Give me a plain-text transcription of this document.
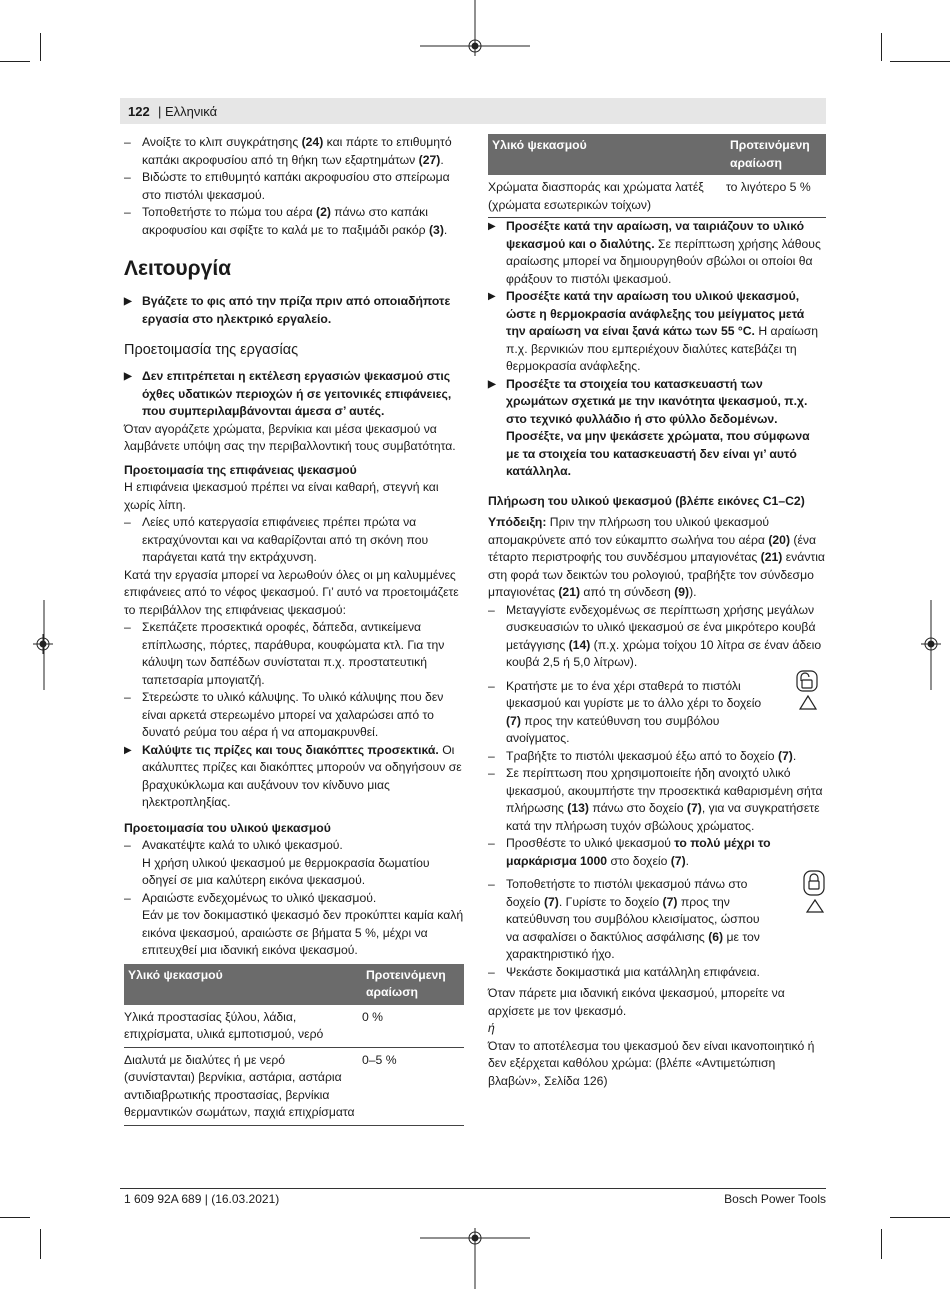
122 | Ελληνικά

– Ανοίξτε το κλιπ συγκράτησης (24) και πάρτε το επιθυμητό καπάκι ακροφυσίου από τη θήκη των εξαρτημάτων (27).

– Βιδώστε το επιθυμητό καπάκι ακροφυσίου στο σπείρωμα στο πιστόλι ψεκασμού.

– Τοποθετήστε το πώμα του αέρα (2) πάνω στο καπάκι ακροφυσίου και σφίξτε το καλά με το παξιμάδι ρακόρ (3).

Λειτουργία

▶ Βγάζετε το φις από την πρίζα πριν από οποιαδήποτε εργασία στο ηλεκτρικό εργαλείο.

Προετοιμασία της εργασίας

▶ Δεν επιτρέπεται η εκτέλεση εργασιών ψεκασμού στις όχθες υδατικών περιοχών ή σε γειτονικές επιφάνειες, που συμπεριλαμβάνονται άμεσα σ’ αυτές.

Όταν αγοράζετε χρώματα, βερνίκια και μέσα ψεκασμού να λαμβάνετε υπόψη σας την περιβαλλοντική τους συμβατότητα.

Προετοιμασία της επιφάνειας ψεκασμού

Η επιφάνεια ψεκασμού πρέπει να είναι καθαρή, στεγνή και χωρίς λίπη.

– Λείες υπό κατεργασία επιφάνειες πρέπει πρώτα να εκτραχύνονται και να καθαρίζονται από τη σκόνη που παράγεται κατά την εκτράχυνση.

Κατά την εργασία μπορεί να λερωθούν όλες οι μη καλυμμένες επιφάνειες από το νέφος ψεκασμού. Γι’ αυτό να προετοιμάζετε το περιβάλλον της επιφάνειας ψεκασμού:

– Σκεπάζετε προσεκτικά οροφές, δάπεδα, αντικείμενα επίπλωσης, πόρτες, παράθυρα, κουφώματα κτλ. Για την κάλυψη των δαπέδων συνίσταται π.χ. προστατευτική ταπετσαρία μπογιατζή.

– Στερεώστε το υλικό κάλυψης. Το υλικό κάλυψης που δεν είναι αρκετά στερεωμένο μπορεί να χαλαρώσει από το δυνατό ρεύμα του αέρα ή να απομακρυνθεί.

▶ Καλύψτε τις πρίζες και τους διακόπτες προσεκτικά. Οι ακάλυπτες πρίζες και διακόπτες μπορούν να οδηγήσουν σε βραχυκύκλωμα και αυξάνουν τον κίνδυνο μιας ηλεκτροπληξίας.

Προετοιμασία του υλικού ψεκασμού

– Ανακατέψτε καλά το υλικό ψεκασμού.

Η χρήση υλικού ψεκασμού με θερμοκρασία δωματίου οδηγεί σε μια καλύτερη εικόνα ψεκασμού.

– Αραιώστε ενδεχομένως το υλικό ψεκασμού.

Εάν με τον δοκιμαστικό ψεκασμό δεν προκύπτει καμία καλή εικόνα ψεκασμού, αραιώστε σε βήματα 5 %, μέχρι να επιτευχθεί μια ιδανική εικόνα ψεκασμού.

Υλικό ψεκασμού	Προτεινόμενη αραίωση
Υλικά προστασίας ξύλου, λάδια, επιχρίσματα, υλικά εμποτισμού, νερό	0 %
Διαλυτά με διαλύτες ή με νερό (συνίστανται) βερνίκια, αστάρια, αστάρια αντιδιαβρωτικής προστασίας, βερνίκια θερμαντικών σωμάτων, παχιά επιχρίσματα	0–5 %
Υλικό ψεκασμού	Προτεινόμενη αραίωση
Χρώματα διασποράς και χρώματα λατέξ (χρώματα εσωτερικών τοίχων)	το λιγότερο 5 %

▶ Προσέξτε κατά την αραίωση, να ταιριάζουν το υλικό ψεκασμού και ο διαλύτης. Σε περίπτωση χρήσης λάθους αραίωσης μπορεί να δημιουργηθούν σβώλοι οι οποίοι θα φράξουν το πιστόλι ψεκασμού.

▶ Προσέξτε κατά την αραίωση του υλικού ψεκασμού, ώστε η θερμοκρασία ανάφλεξης του μείγματος μετά την αραίωση να είναι ξανά κάτω των 55 °C. Η αραίωση π.χ. βερνικιών που εμπεριέχουν διαλύτες κατεβάζει τη θερμοκρασία ανάφλεξης.

▶ Προσέξτε τα στοιχεία του κατασκευαστή των χρωμάτων σχετικά με την ικανότητα ψεκασμού, π.χ. στο τεχνικό φυλλάδιο ή στο φύλλο δεδομένων. Προσέξτε, να μην ψεκάσετε χρώματα, που σύμφωνα με τα στοιχεία του κατασκευαστή δεν είναι γι’ αυτό κατάλληλα.

Πλήρωση του υλικού ψεκασμού (βλέπε εικόνες C1–C2)

Υπόδειξη: Πριν την πλήρωση του υλικού ψεκασμού απομακρύνετε από τον εύκαμπτο σωλήνα του αέρα (20) (ένα τέταρτο περιστροφής του συνδέσμου μπαγιονέτας (21) ενάντια στη φορά των δεικτών του ρολογιού, τραβήξτε τον σύνδεσμο μπαγιονέτας (21) από τη σύνδεση (9)).

– Μεταγγίστε ενδεχομένως σε περίπτωση χρήσης μεγάλων συσκευασιών το υλικό ψεκασμού σε ένα μικρότερο κουβά μετάγγισης (14) (π.χ. χρώμα τοίχου 10 λίτρα σε έναν άδειο κουβά 2,5 ή 5,0 λίτρων).

– Κρατήστε με το ένα χέρι σταθερά το πιστόλι ψεκασμού και γυρίστε με το άλλο χέρι το δοχείο (7) προς την κατεύθυνση του συμβόλου ανοίγματος.

– Τραβήξτε το πιστόλι ψεκασμού έξω από το δοχείο (7).

– Σε περίπτωση που χρησιμοποιείτε ήδη ανοιχτό υλικό ψεκασμού, ακουμπήστε την προσεκτικά καθαρισμένη σήτα πλήρωσης (13) πάνω στο δοχείο (7), για να συγκρατήσετε κατά την πλήρωση τυχόν σβώλους χρώματος.

– Προσθέστε το υλικό ψεκασμού το πολύ μέχρι το μαρκάρισμα 1000 στο δοχείο (7).

– Τοποθετήστε το πιστόλι ψεκασμού πάνω στο δοχείο (7). Γυρίστε το δοχείο (7) προς την κατεύθυνση του συμβόλου κλεισίματος, ώσπου να ασφαλίσει ο δακτύλιος ασφάλισης (6) με τον χαρακτηριστικό ήχο.

– Ψεκάστε δοκιμαστικά μια κατάλληλη επιφάνεια.

Όταν πάρετε μια ιδανική εικόνα ψεκασμού, μπορείτε να αρχίσετε με τον ψεκασμό.

ή

Όταν το αποτέλεσμα του ψεκασμού δεν είναι ικανοποιητικό ή δεν εξέρχεται καθόλου χρώμα: (βλέπε «Αντιμετώπιση βλαβών», Σελίδα 126)

1 609 92A 689 | (16.03.2021)	Bosch Power Tools
